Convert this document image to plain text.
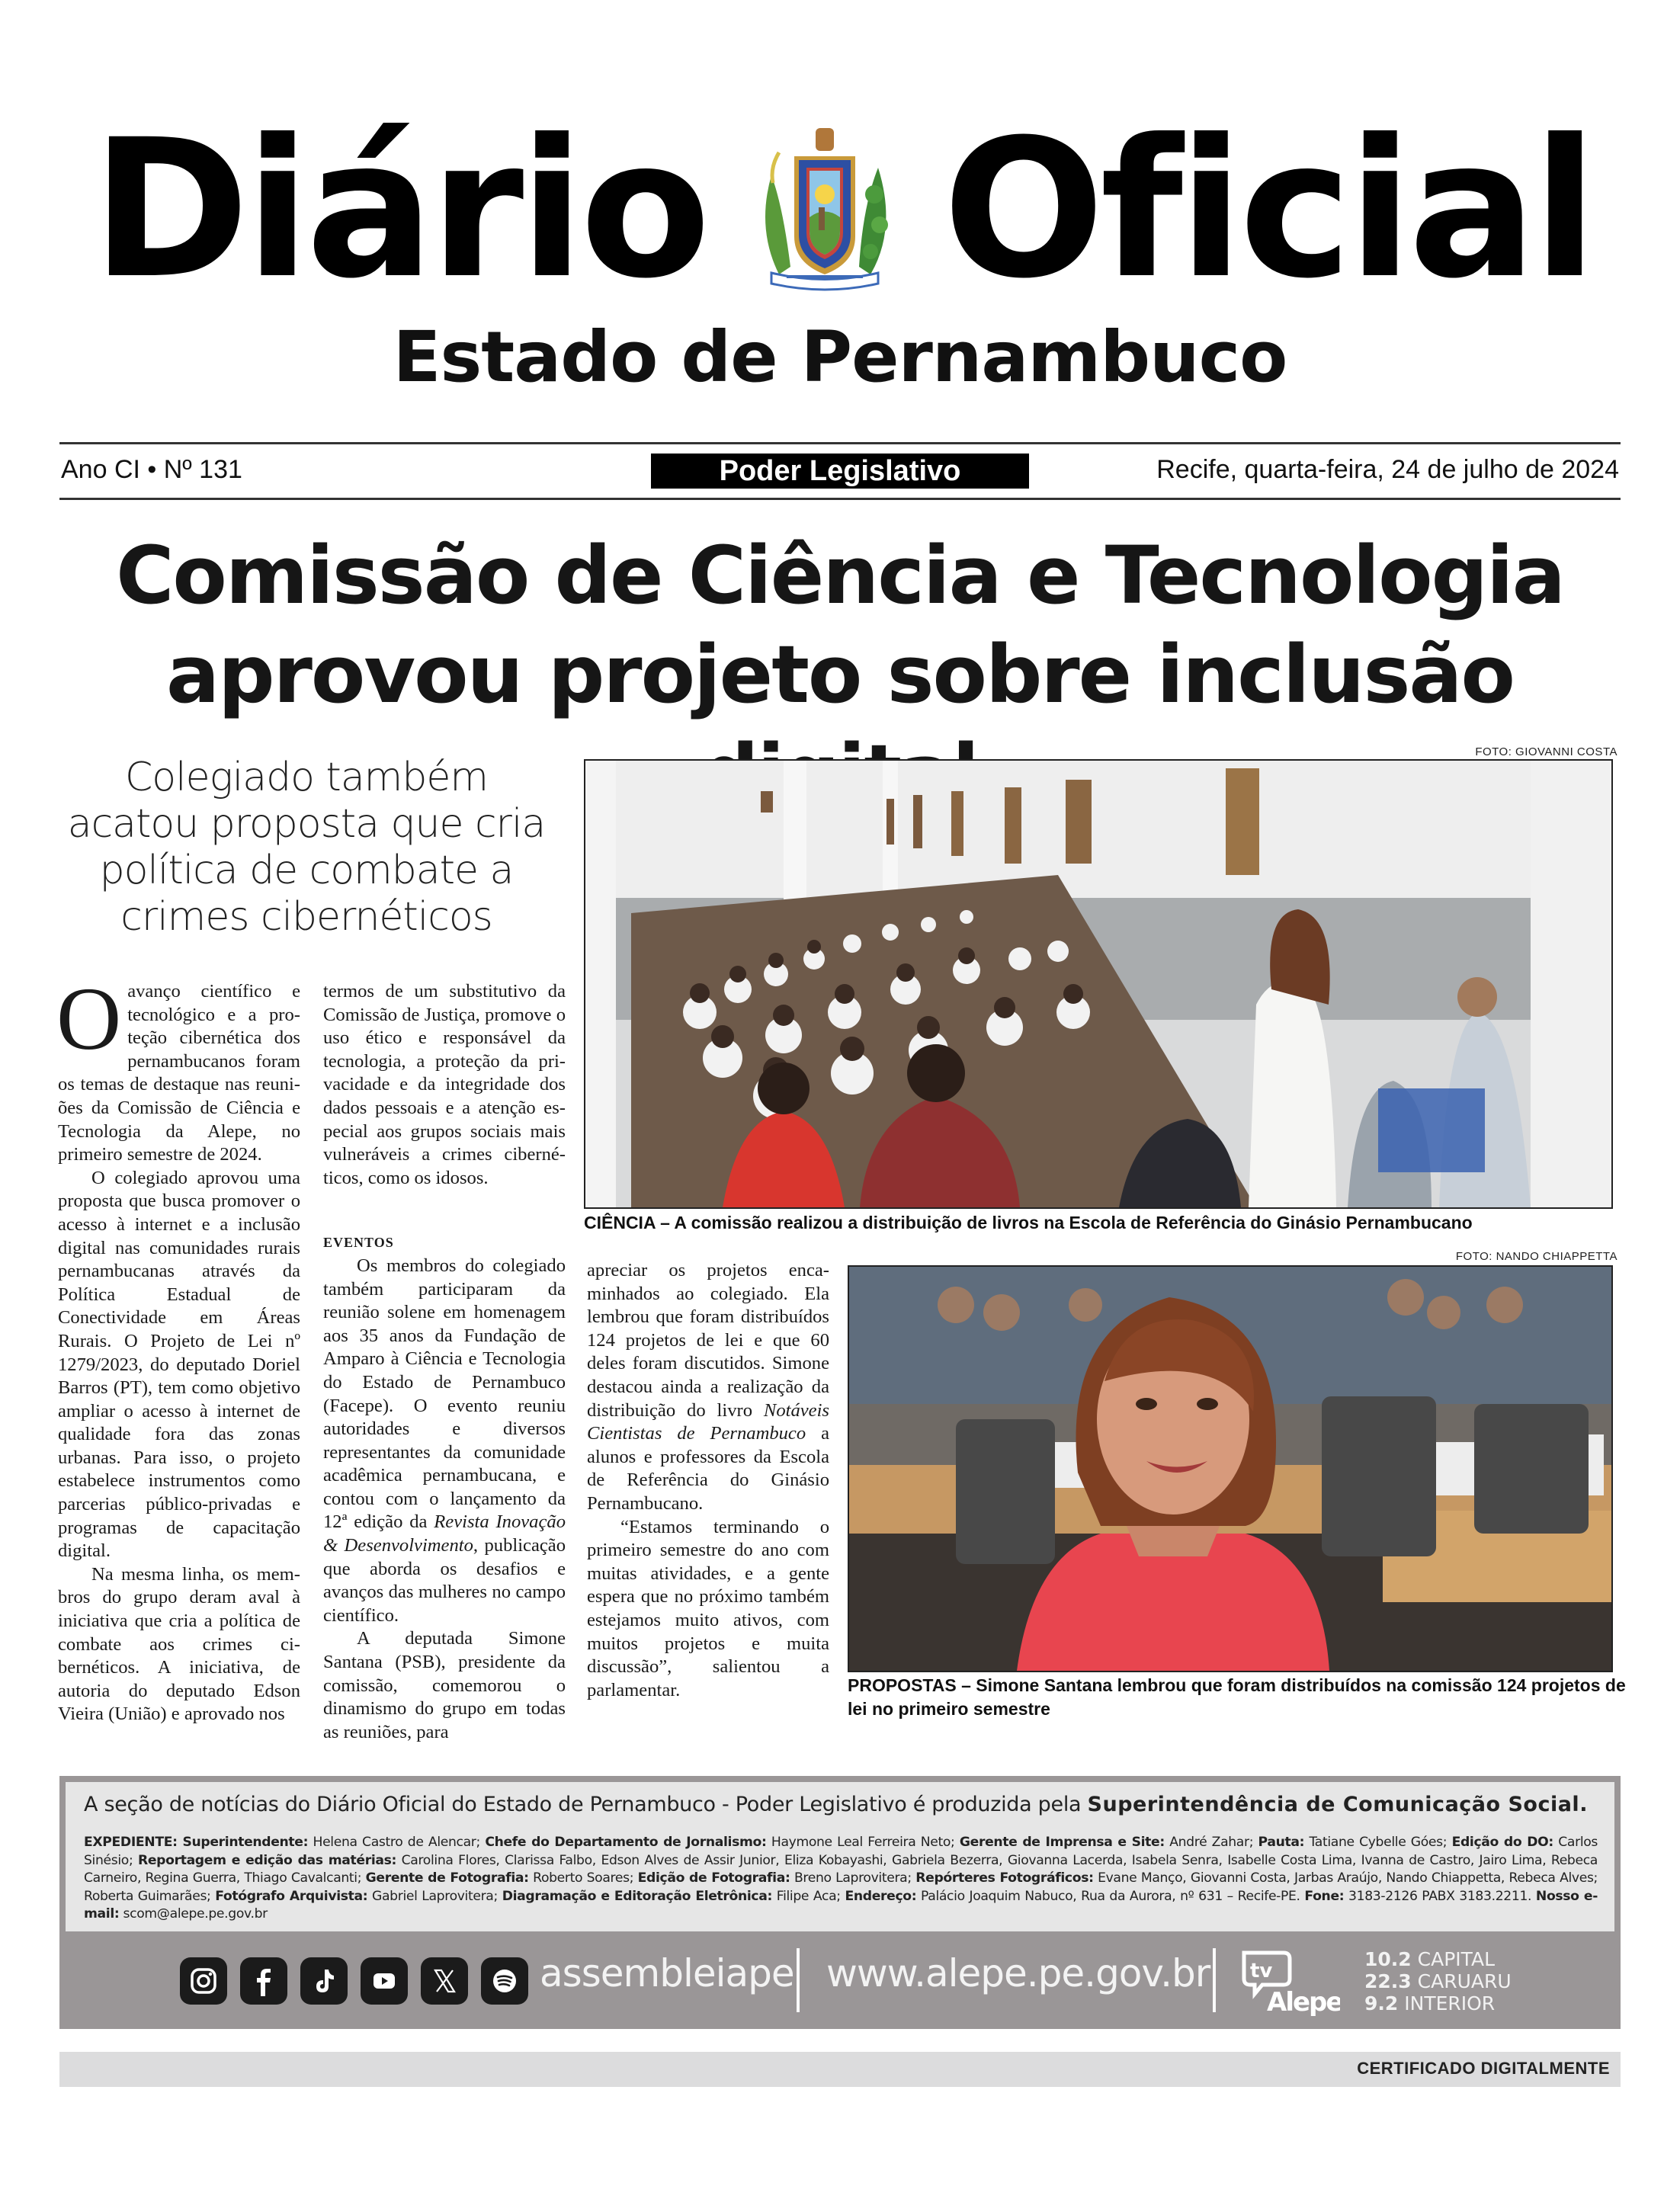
Diário Oficial
Estado de Pernambuco
Ano CI • Nº 131	Poder Legislativo	Recife, quarta-feira, 24 de julho de 2024
Comissão de Ciência e Tecnologia
aprovou projeto sobre inclusão
Colegiado também acatou proposta que cria política de combate a crimes cibernéticos
FOTO: GIOVANNI COSTA
CIÊNCIA – A comissão realizou a distribuição de livros na Escola de Referência do Ginásio Pernambucano
FOTO: NANDO CHIAPPETTA
PROPOSTAS – Simone Santana lembrou que foram distribuídos na comissão 124 projetos de lei no primeiro semestre

O avanço científico e tecnológico e a proteção cibernética dos pernambucanos foram os temas de destaque nas reuniões da Comissão de Ciência e Tecnologia da Alepe, no primeiro semestre de 2024.

O colegiado aprovou uma proposta que busca promover o acesso à internet e a inclusão digital nas comunidades rurais pernambucanas através da Política Estadual de Conectividade em Áreas Rurais. O Projeto de Lei nº 1279/2023, do deputado Doriel Barros (PT), tem como objetivo ampliar o acesso à internet de qualidade fora das zonas urbanas. Para isso, o projeto estabelece instrumentos como parcerias público-privadas e programas de capacitação digital.

Na mesma linha, os membros do grupo deram aval à iniciativa que cria a política de combate aos crimes cibernéticos. A iniciativa, de autoria do deputado Edson Vieira (União) e aprovado nos

termos de um substitutivo da Comissão de Justiça, promove o uso ético e responsável da tecnologia, a proteção da privacidade e da integridade dos dados pessoais e a atenção especial aos grupos sociais mais vulneráveis a crimes cibernéticos, como os idosos.

EVENTOS

Os membros do colegiado também participaram da reunião solene em homenagem aos 35 anos da Fundação de Amparo à Ciência e Tecnologia do Estado de Pernambuco (Facepe). O evento reuniu autoridades e diversos representantes da comunidade acadêmica pernambucana, e contou com o lançamento da 12ª edição da Revista Inovação & Desenvolvimento, publicação que aborda os desafios e avanços das mulheres no campo científico.

A deputada Simone Santana (PSB), presidente da comissão, comemorou o dinamismo do grupo em todas as reuniões, para

apreciar os projetos encaminhados ao colegiado. Ela lembrou que foram distribuídos 124 projetos de lei e que 60 deles foram discutidos. Simone destacou ainda a realização da distribuição do livro Notáveis Cientistas de Pernambuco a alunos e professores da Escola de Referência do Ginásio Pernambucano.

“Estamos terminando o primeiro semestre do ano com muitas atividades, e a gente espera que no próximo também estejamos muito ativos, com muitos projetos e muita discussão”, salientou a parlamentar.

A seção de notícias do Diário Oficial do Estado de Pernambuco - Poder Legislativo é produzida pela Superintendência de Comunicação Social.
EXPEDIENTE: Superintendente: Helena Castro de Alencar; Chefe do Departamento de Jornalismo: Haymone Leal Ferreira Neto; Gerente de Imprensa e Site: André Zahar; Pauta: Tatiane Cybelle Góes; Edição do DO: Carlos Sinésio; Reportagem e edição das matérias: Carolina Flores, Clarissa Falbo, Edson Alves de Assir Junior, Eliza Kobayashi, Gabriela Bezerra, Giovanna Lacerda, Isabela Senra, Isabelle Costa Lima, Ivanna de Castro, Jairo Lima, Rebeca Carneiro, Regina Guerra, Thiago Cavalcanti; Gerente de Fotografia: Roberto Soares; Edição de Fotografia: Breno Laprovitera; Repórteres Fotográficos: Evane Manço, Giovanni Costa, Jarbas Araújo, Nando Chiappetta, Rebeca Alves; Roberta Guimarães; Fotógrafo Arquivista: Gabriel Laprovitera; Diagramação e Editoração Eletrônica: Filipe Aca; Endereço: Palácio Joaquim Nabuco, Rua da Aurora, nº 631 – Recife-PE. Fone: 3183-2126 PABX 3183.2211. Nosso e-mail: scom@alepe.pe.gov.br
assembleiape www.alepe.pe.gov.br tv
Alepe
10.2 CAPITAL
22.3 CARUARU
9.2 INTERIOR
CERTIFICADO DIGITALMENTE
